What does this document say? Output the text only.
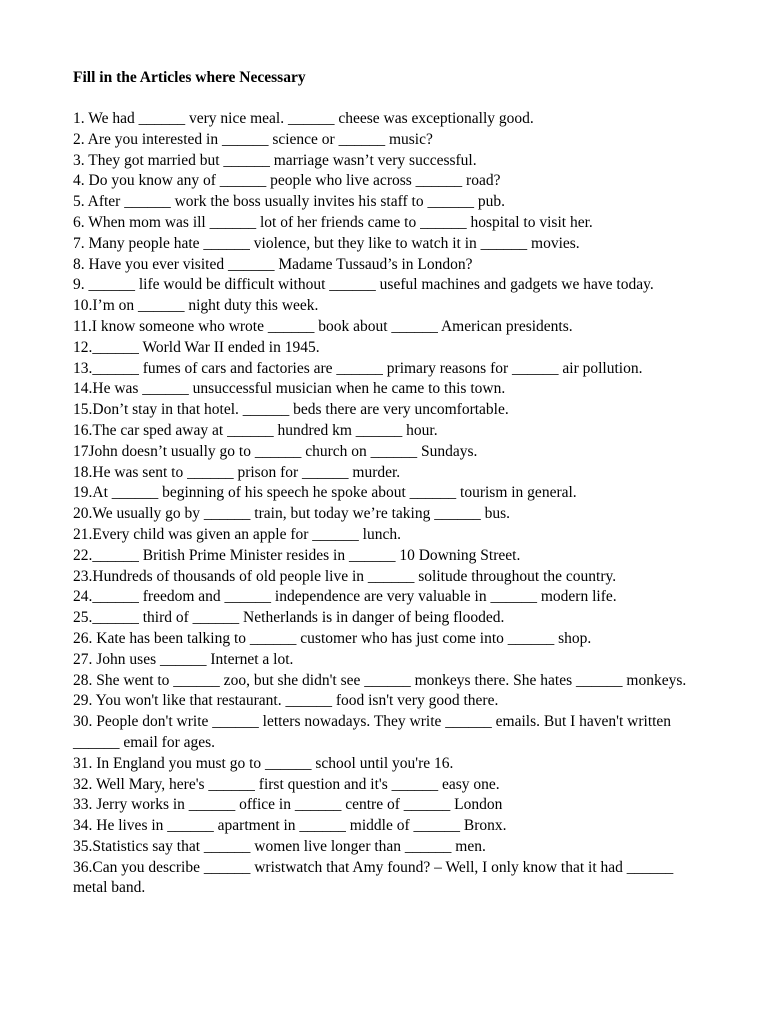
Fill in the Articles where Necessary
1. We had ______ very nice meal. ______ cheese was exceptionally good.
2. Are you interested in ______ science or ______ music?
3. They got married but ______ marriage wasn’t very successful.
4. Do you know any of ______ people who live across ______ road?
5. After ______ work the boss usually invites his staff to ______ pub.
6. When mom was ill ______ lot of her friends came to ______ hospital to visit her.
7. Many people hate ______ violence, but they like to watch it in ______ movies.
8. Have you ever visited ______ Madame Tussaud’s in London?
9. ______ life would be difficult without ______ useful machines and gadgets we have today.
10.I’m on ______ night duty this week.
11.I know someone who wrote ______ book about ______ American presidents.
12.______ World War II ended in 1945.
13.______ fumes of cars and factories are ______ primary reasons for ______ air pollution.
14.He was ______ unsuccessful musician when he came to this town.
15.Don’t stay in that hotel. ______ beds there are very uncomfortable.
16.The car sped away at ______ hundred km ______ hour.
17John doesn’t usually go to ______ church on ______ Sundays.
18.He was sent to ______ prison for ______ murder.
19.At ______ beginning of his speech he spoke about ______ tourism in general.
20.We usually go by ______ train, but today we’re taking ______ bus.
21.Every child was given an apple for ______ lunch.
22.______ British Prime Minister resides in ______ 10 Downing Street.
23.Hundreds of thousands of old people live in ______ solitude throughout the country.
24.______ freedom and ______ independence are very valuable in ______ modern life.
25.______ third of ______ Netherlands is in danger of being flooded.
26. Kate has been talking to ______ customer who has just come into ______ shop.
27. John uses ______ Internet a lot.
28. She went to ______ zoo, but she didn't see ______ monkeys there. She hates ______ monkeys.
29. You won't like that restaurant. ______ food isn't very good there.
30. People don't write ______ letters nowadays. They write ______ emails. But I haven't written ______ email for ages.
31. In England you must go to ______ school until you're 16.
32. Well Mary, here's ______ first question and it's ______ easy one.
33. Jerry works in ______ office in ______ centre of ______ London
34. He lives in ______ apartment in ______ middle of ______ Bronx.
35.Statistics say that ______ women live longer than ______ men.
36.Can you describe ______ wristwatch that Amy found? – Well, I only know that it had ______ metal band.
